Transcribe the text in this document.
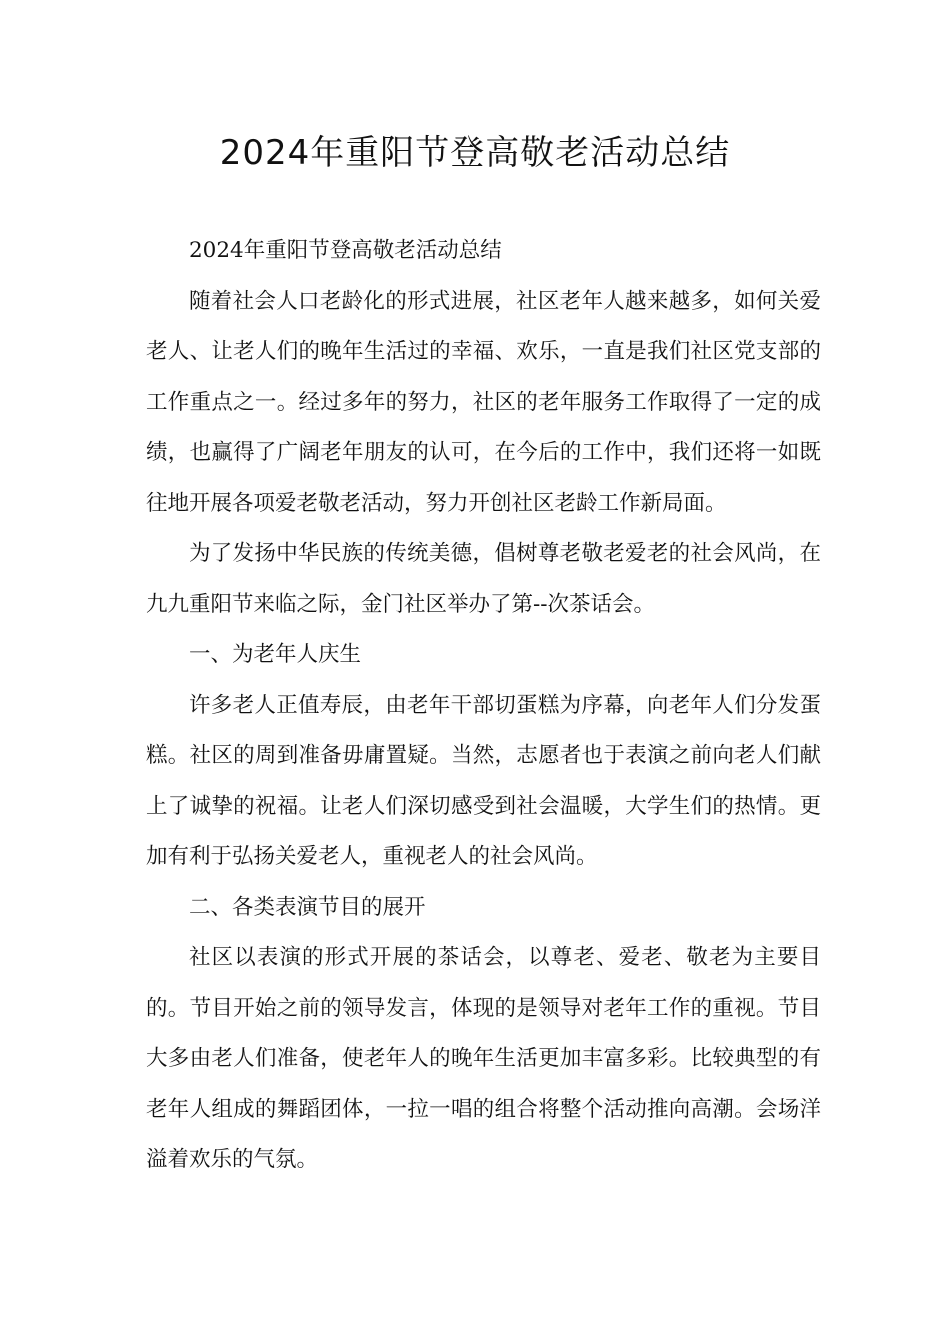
2024年重阳节登高敬老活动总结

2024年重阳节登高敬老活动总结

随着社会人口老龄化的形式进展，社区老年人越来越多，如何关爱老人、让老人们的晚年生活过的幸福、欢乐，一直是我们社区党支部的工作重点之一。经过多年的努力，社区的老年服务工作取得了一定的成绩，也赢得了广阔老年朋友的认可，在今后的工作中，我们还将一如既往地开展各项爱老敬老活动，努力开创社区老龄工作新局面。

为了发扬中华民族的传统美德，倡树尊老敬老爱老的社会风尚，在九九重阳节来临之际，金门社区举办了第--次茶话会。

一、为老年人庆生

许多老人正值寿辰，由老年干部切蛋糕为序幕，向老年人们分发蛋糕。社区的周到准备毋庸置疑。当然，志愿者也于表演之前向老人们献上了诚挚的祝福。让老人们深切感受到社会温暖，大学生们的热情。更加有利于弘扬关爱老人，重视老人的社会风尚。

二、各类表演节目的展开

社区以表演的形式开展的茶话会，以尊老、爱老、敬老为主要目的。节目开始之前的领导发言，体现的是领导对老年工作的重视。节目大多由老人们准备，使老年人的晚年生活更加丰富多彩。比较典型的有老年人组成的舞蹈团体，一拉一唱的组合将整个活动推向高潮。会场洋溢着欢乐的气氛。
